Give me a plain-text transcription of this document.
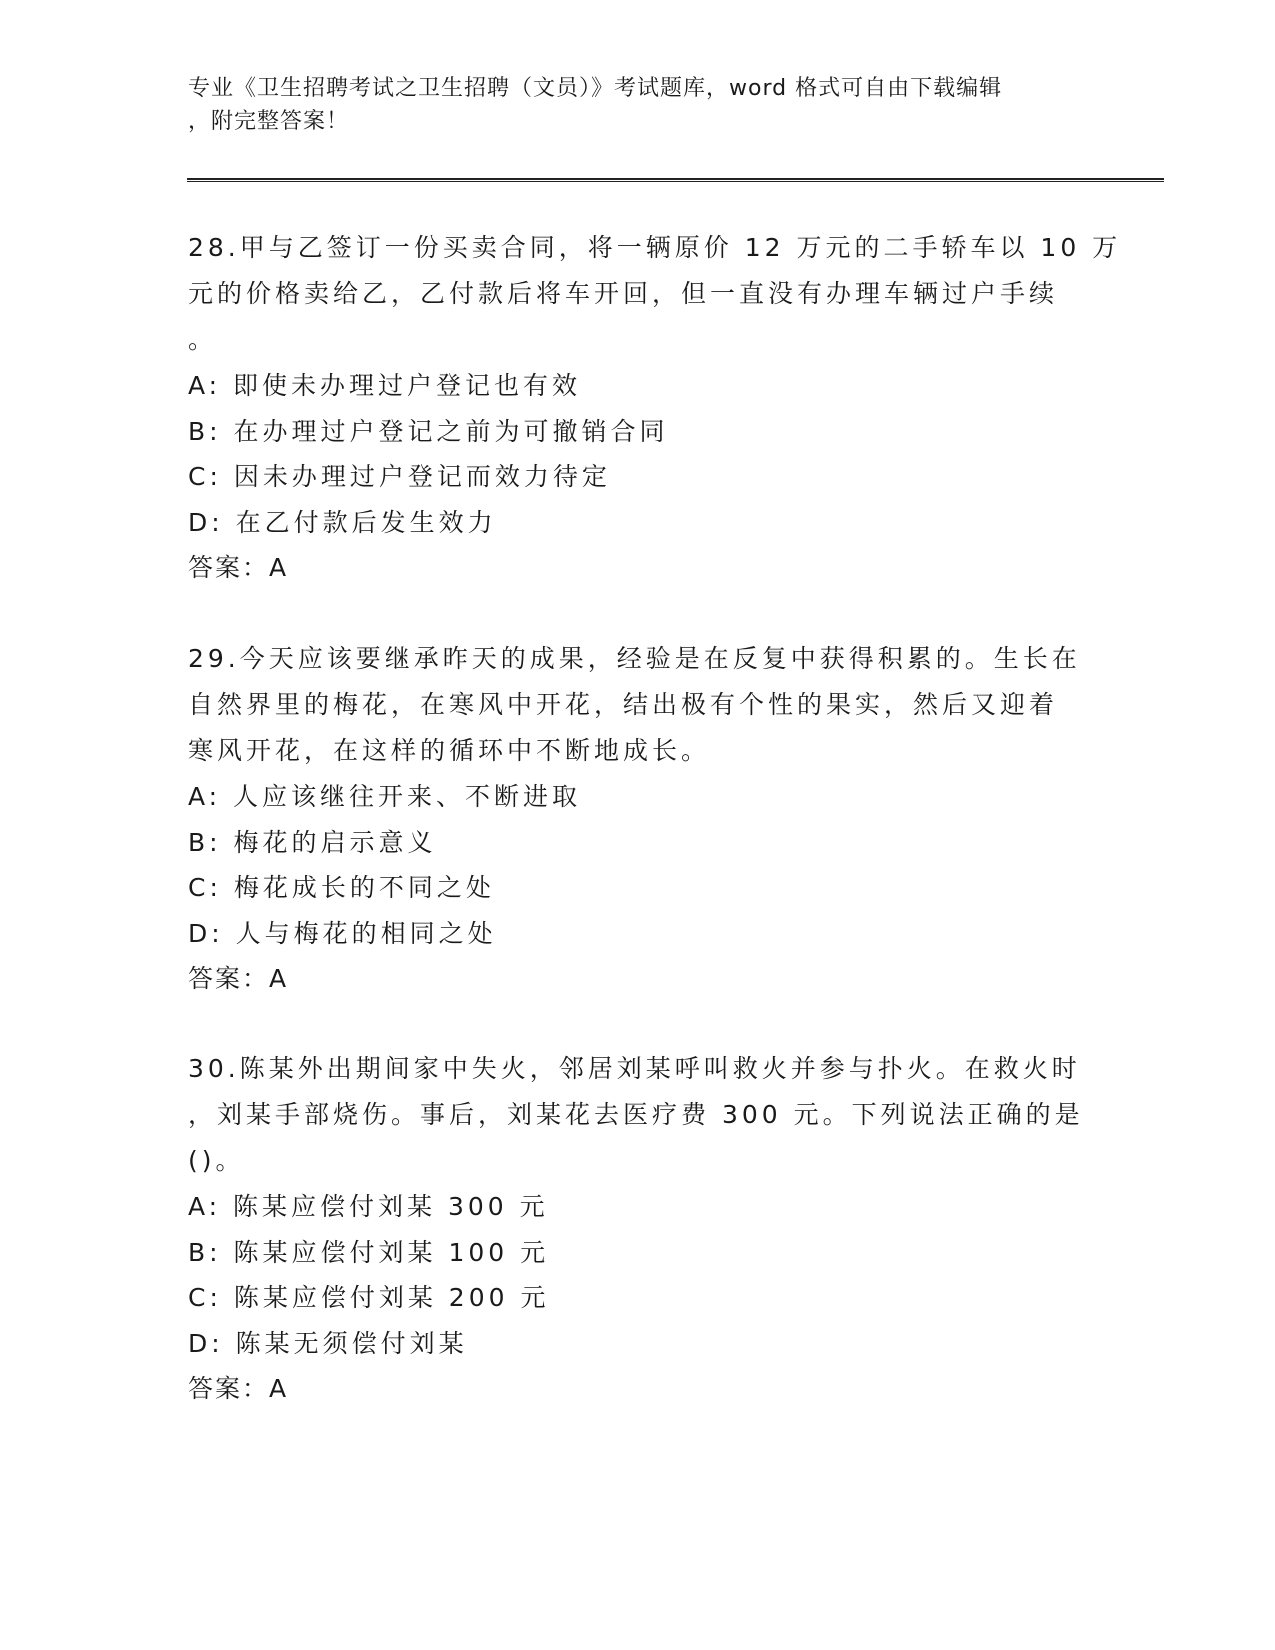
专业《卫生招聘考试之卫生招聘（文员）》考试题库，word 格式可自由下载编辑
，附完整答案！
28.甲与乙签订一份买卖合同，将一辆原价 12 万元的二手轿车以 10 万
元的价格卖给乙，乙付款后将车开回，但一直没有办理车辆过户手续
。
A: 即使未办理过户登记也有效
B: 在办理过户登记之前为可撤销合同
C: 因未办理过户登记而效力待定
D: 在乙付款后发生效力
答案：A
29.今天应该要继承昨天的成果，经验是在反复中获得积累的。生长在
自然界里的梅花，在寒风中开花，结出极有个性的果实，然后又迎着
寒风开花，在这样的循环中不断地成长。
A: 人应该继往开来、不断进取
B: 梅花的启示意义
C: 梅花成长的不同之处
D: 人与梅花的相同之处
答案：A
30.陈某外出期间家中失火，邻居刘某呼叫救火并参与扑火。在救火时
，刘某手部烧伤。事后，刘某花去医疗费 300 元。下列说法正确的是
()。
A: 陈某应偿付刘某 300 元
B: 陈某应偿付刘某 100 元
C: 陈某应偿付刘某 200 元
D: 陈某无须偿付刘某
答案：A
